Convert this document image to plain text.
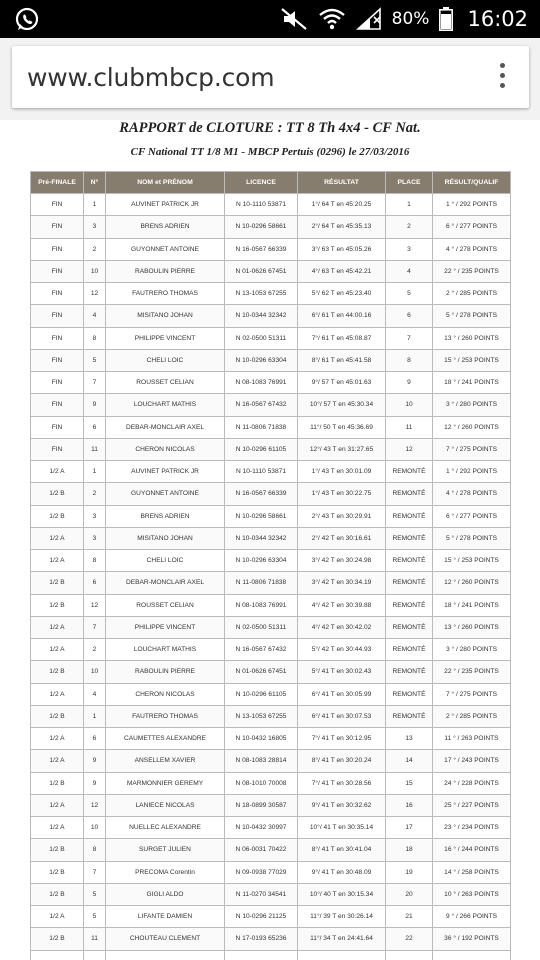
80% 16:02
www.clubmbcp.com
RAPPORT de CLOTURE : TT 8 Th 4x4 - CF Nat.
CF National TT 1/8 M1 - MBCP Pertuis (0296) le 27/03/2016
Pré-FINALE	N°	NOM et PRÉNOM	LICENCE	RÉSULTAT	PLACE	RÉSULT/QUALIF
FIN	1	AUVINET PATRICK JR	N 10-1110 53871	1°/ 64 T en 45:20.25	1	1 ° / 292 POINTS
FIN	3	BRENS ADRIEN	N 10-0296 58661	2°/ 64 T en 45:35.13	2	6 ° / 277 POINTS
FIN	2	GUYONNET ANTOINE	N 16-0567 66339	3°/ 63 T en 45:05.26	3	4 ° / 278 POINTS
FIN	10	RABOULIN PIERRE	N 01-0626 67451	4°/ 63 T en 45:42.21	4	22 ° / 235 POINTS
FIN	12	FAUTRERO THOMAS	N 13-1053 67255	5°/ 62 T en 45:23.40	5	2 ° / 285 POINTS
FIN	4	MISITANO JOHAN	N 10-0344 32342	6°/ 61 T en 44:00.16	6	5 ° / 278 POINTS
FIN	8	PHILIPPE VINCENT	N 02-0500 51311	7°/ 61 T en 45:08.87	7	13 ° / 260 POINTS
FIN	5	CHELI LOIC	N 10-0296 63304	8°/ 61 T en 45:41.58	8	15 ° / 253 POINTS
FIN	7	ROUSSET CELIAN	N 08-1083 76991	9°/ 57 T en 45:01.63	9	18 ° / 241 POINTS
FIN	9	LOUCHART MATHIS	N 16-0567 67432	10°/ 57 T en 45:30.34	10	3 ° / 280 POINTS
FIN	6	DEBAR-MONCLAIR AXEL	N 11-0806 71838	11°/ 50 T en 45:36.69	11	12 ° / 260 POINTS
FIN	11	CHERON NICOLAS	N 10-0296 61105	12°/ 43 T en 31:27.65	12	7 ° / 275 POINTS
1/2 A	1	AUVINET PATRICK JR	N 10-1110 53871	1°/ 43 T en 30:01.09	REMONTÉ	1 ° / 292 POINTS
1/2 B	2	GUYONNET ANTOINE	N 16-0567 66339	1°/ 43 T en 30:22.75	REMONTÉ	4 ° / 278 POINTS
1/2 B	3	BRENS ADRIEN	N 10-0296 58661	2°/ 43 T en 30:29.91	REMONTÉ	6 ° / 277 POINTS
1/2 A	3	MISITANO JOHAN	N 10-0344 32342	2°/ 42 T en 30:16.61	REMONTÉ	5 ° / 278 POINTS
1/2 A	8	CHELI LOIC	N 10-0296 63304	3°/ 42 T en 30:24.98	REMONTÉ	15 ° / 253 POINTS
1/2 B	6	DEBAR-MONCLAIR AXEL	N 11-0806 71838	3°/ 42 T en 30:34.19	REMONTÉ	12 ° / 260 POINTS
1/2 B	12	ROUSSET CELIAN	N 08-1083 76991	4°/ 42 T en 30:39.88	REMONTÉ	18 ° / 241 POINTS
1/2 A	7	PHILIPPE VINCENT	N 02-0500 51311	4°/ 42 T en 30:42.02	REMONTÉ	13 ° / 260 POINTS
1/2 A	2	LOUCHART MATHIS	N 16-0567 67432	5°/ 42 T en 30:44.93	REMONTÉ	3 ° / 280 POINTS
1/2 B	10	RABOULIN PIERRE	N 01-0626 67451	5°/ 41 T en 30:02.43	REMONTÉ	22 ° / 235 POINTS
1/2 A	4	CHERON NICOLAS	N 10-0296 61105	6°/ 41 T en 30:05.99	REMONTÉ	7 ° / 275 POINTS
1/2 B	1	FAUTRERO THOMAS	N 13-1053 67255	6°/ 41 T en 30:07.53	REMONTÉ	2 ° / 285 POINTS
1/2 A	6	CAUMETTES ALEXANDRE	N 10-0432 16805	7°/ 41 T en 30:12.95	13	11 ° / 263 POINTS
1/2 A	9	ANSELLEM XAVIER	N 08-1083 28814	8°/ 41 T en 30:20.24	14	17 ° / 243 POINTS
1/2 B	9	MARMONNIER GEREMY	N 08-1010 70008	7°/ 41 T en 30:28.56	15	24 ° / 228 POINTS
1/2 A	12	LANIECE NICOLAS	N 18-0899 30587	9°/ 41 T en 30:32.62	16	25 ° / 227 POINTS
1/2 A	10	NUELLEC ALEXANDRE	N 10-0432 30997	10°/ 41 T en 30:35.14	17	23 ° / 234 POINTS
1/2 B	8	SURGET JULIEN	N 06-0031 70422	8°/ 41 T en 30:41.04	18	16 ° / 244 POINTS
1/2 B	7	PRECOMA Corentin	N 09-0938 77029	9°/ 41 T en 30:48.09	19	14 ° / 258 POINTS
1/2 B	5	GIGLI ALDO	N 11-0270 34541	10°/ 40 T en 30:15.34	20	10 ° / 263 POINTS
1/2 A	5	LIFANTE DAMIEN	N 10-0296 21125	11°/ 39 T en 30:26.14	21	9 ° / 266 POINTS
1/2 B	11	CHOUTEAU CLEMENT	N 17-0193 65236	11°/ 34 T en 24:41.64	22	36 ° / 192 POINTS
